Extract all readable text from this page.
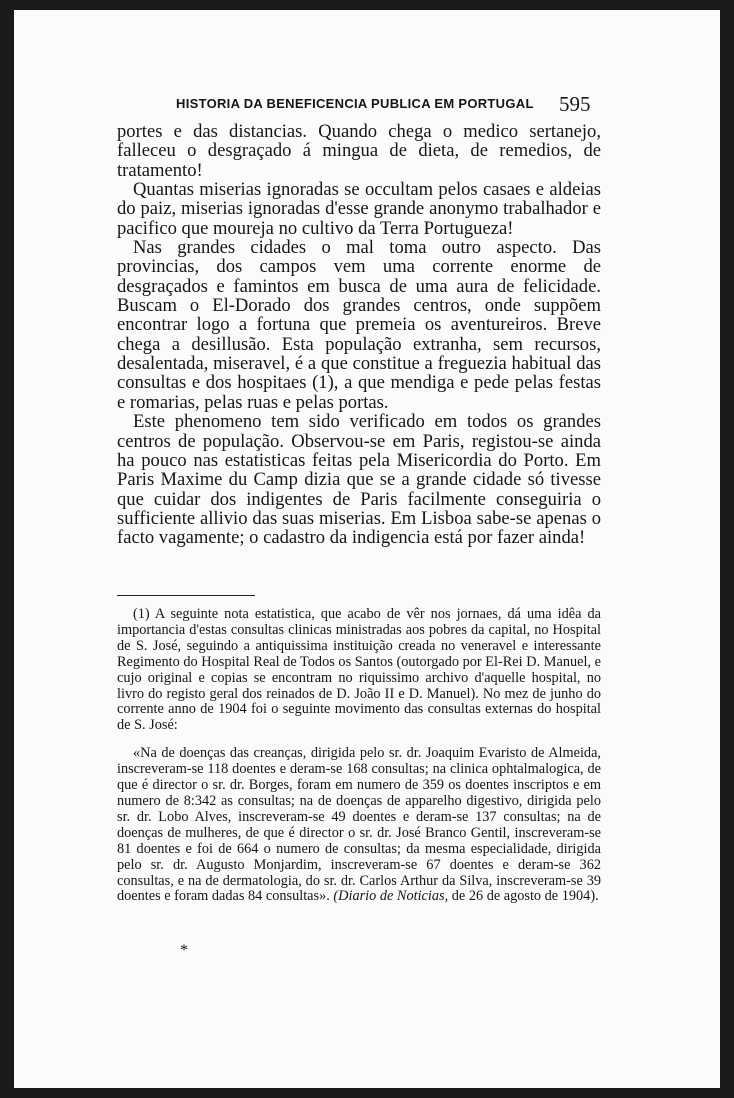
HISTORIA DA BENEFICENCIA PUBLICA EM PORTUGAL 595

portes e das distancias. Quando chega o medico sertanejo, falleceu o desgraçado á mingua de dieta, de remedios, de tratamento!

Quantas miserias ignoradas se occultam pelos casaes e aldeias do paiz, miserias ignoradas d'esse grande anonymo trabalhador e pacifico que moureja no cultivo da Terra Portugueza!

Nas grandes cidades o mal toma outro aspecto. Das provincias, dos campos vem uma corrente enorme de desgraçados e famintos em busca de uma aura de felicidade. Buscam o El-Dorado dos grandes centros, onde suppõem encontrar logo a fortuna que premeia os aventureiros. Breve chega a desillusão. Esta população extranha, sem recursos, desalentada, miseravel, é a que constitue a freguezia habitual das consultas e dos hospitaes (1), a que mendiga e pede pelas festas e romarias, pelas ruas e pelas portas.

Este phenomeno tem sido verificado em todos os grandes centros de população. Observou-se em Paris, registou-se ainda ha pouco nas estatisticas feitas pela Misericordia do Porto. Em Paris Maxime du Camp dizia que se a grande cidade só tivesse que cuidar dos indigentes de Paris facilmente conseguiria o sufficiente allivio das suas miserias. Em Lisboa sabe-se apenas o facto vagamente; o cadastro da indigencia está por fazer ainda!

(1) A seguinte nota estatistica, que acabo de vêr nos jornaes, dá uma idêa da importancia d'estas consultas clinicas ministradas aos pobres da capital, no Hospital de S. José, seguindo a antiquissima instituição creada no veneravel e interessante Regimento do Hospital Real de Todos os Santos (outorgado por El-Rei D. Manuel, e cujo original e copias se encontram no riquissimo archivo d'aquelle hospital, no livro do registo geral dos reinados de D. João II e D. Manuel). No mez de junho do corrente anno de 1904 foi o seguinte movimento das consultas externas do hospital de S. José:

«Na de doenças das creanças, dirigida pelo sr. dr. Joaquim Evaristo de Almeida, inscreveram-se 118 doentes e deram-se 168 consultas; na clinica ophtalmalogica, de que é director o sr. dr. Borges, foram em numero de 359 os doentes inscriptos e em numero de 8:342 as consultas; na de doenças de apparelho digestivo, dirigida pelo sr. dr. Lobo Alves, inscreveram-se 49 doentes e deram-se 137 consultas; na de doenças de mulheres, de que é director o sr. dr. José Branco Gentil, inscreveram-se 81 doentes e foi de 664 o numero de consultas; da mesma especialidade, dirigida pelo sr. dr. Augusto Monjardim, inscreveram-se 67 doentes e deram-se 362 consultas, e na de dermatologia, do sr. dr. Carlos Arthur da Silva, inscreveram-se 39 doentes e foram dadas 84 consultas». (Diario de Noticias, de 26 de agosto de 1904).

*
